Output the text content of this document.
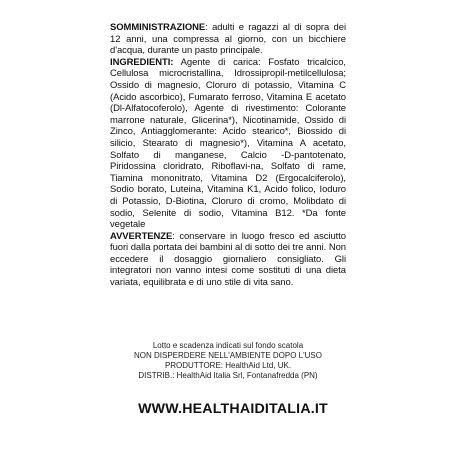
SOMMINISTRAZIONE: adulti e ragazzi al di sopra dei 12 anni, una compressa al giorno, con un bicchiere d'acqua, durante un pasto principale.

INGREDIENTI: Agente di carica: Fosfato tricalcico, Cellulosa microcristallina, Idrossipropil-metilcellulosa; Ossido di magnesio, Cloruro di potassio, Vitamina C (Acido ascorbico), Fumarato ferroso, Vitamina E acetato (Dl-Alfatocoferolo), Agente di rivestimento: Colorante marrone naturale, Glicerina*), Nicotinamide, Ossido di Zinco, Antiagglomerante: Acido stearico*, Biossido di silicio, Stearato di magnesio*), Vitamina A acetato, Solfato di manganese, Calcio -D-pantotenato, Piridossina cloridrato, Riboflavi-na, Solfato di rame, Tiamina mononitrato, Vitamina D2 (Ergocalciferolo), Sodio borato, Luteina, Vitamina K1, Acido folico, Ioduro di Potassio, D-Biotina, Cloruro di cromo, Molibdato di sodio, Selenite di sodio, Vitamina B12. *Da fonte vegetale

AVVERTENZE: conservare in luogo fresco ed asciutto fuori dalla portata dei bambini al di sotto dei tre anni. Non eccedere il dosaggio giornaliero consigliato. Gli integratori non vanno intesi come sostituti di una dieta variata, equilibrata e di uno stile di vita sano.

Lotto e scadenza indicati sul fondo scatola
NON DISPERDERE NELL'AMBIENTE DOPO L'USO
PRODUTTORE: HealthAid Ltd, UK.
DISTRIB.: HealthAid Italia Srl, Fontanafredda (PN)
WWW.HEALTHAIDITALIA.IT
